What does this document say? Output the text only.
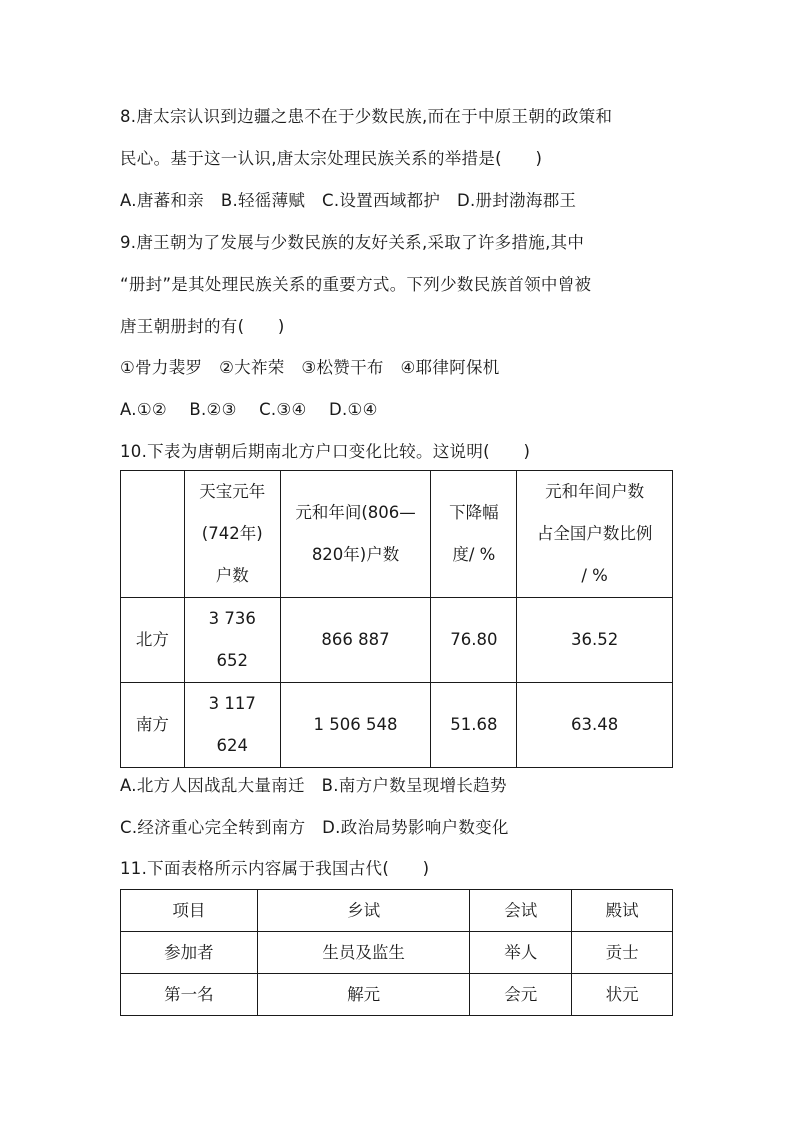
8.唐太宗认识到边疆之患不在于少数民族,而在于中原王朝的政策和
民心。基于这一认识,唐太宗处理民族关系的举措是(　　)
A.唐蕃和亲　B.轻徭薄赋　C.设置西域都护　D.册封渤海郡王
9.唐王朝为了发展与少数民族的友好关系,采取了许多措施,其中
“册封”是其处理民族关系的重要方式。下列少数民族首领中曾被
唐王朝册封的有(　　)
①骨力裴罗　②大祚荣　③松赞干布　④耶律阿保机
A.①②　 B.②③　 C.③④　 D.①④
10.下表为唐朝后期南北方户口变化比较。这说明(　　)

	天宝元年
(742年)
户数	元和年间(806—
820年)户数	下降幅
度/ %	元和年间户数
占全国户数比例
/ %

北方	3 736
652	866 887	76.80	36.52
南方	3 117
624	1 506 548	51.68	63.48
A.北方人因战乱大量南迁　B.南方户数呈现增长趋势
C.经济重心完全转到南方　D.政治局势影响户数变化
11.下面表格所示内容属于我国古代(　　)
项目	乡试	会试	殿试
参加者	生员及监生	举人	贡士
第一名	解元	会元	状元
